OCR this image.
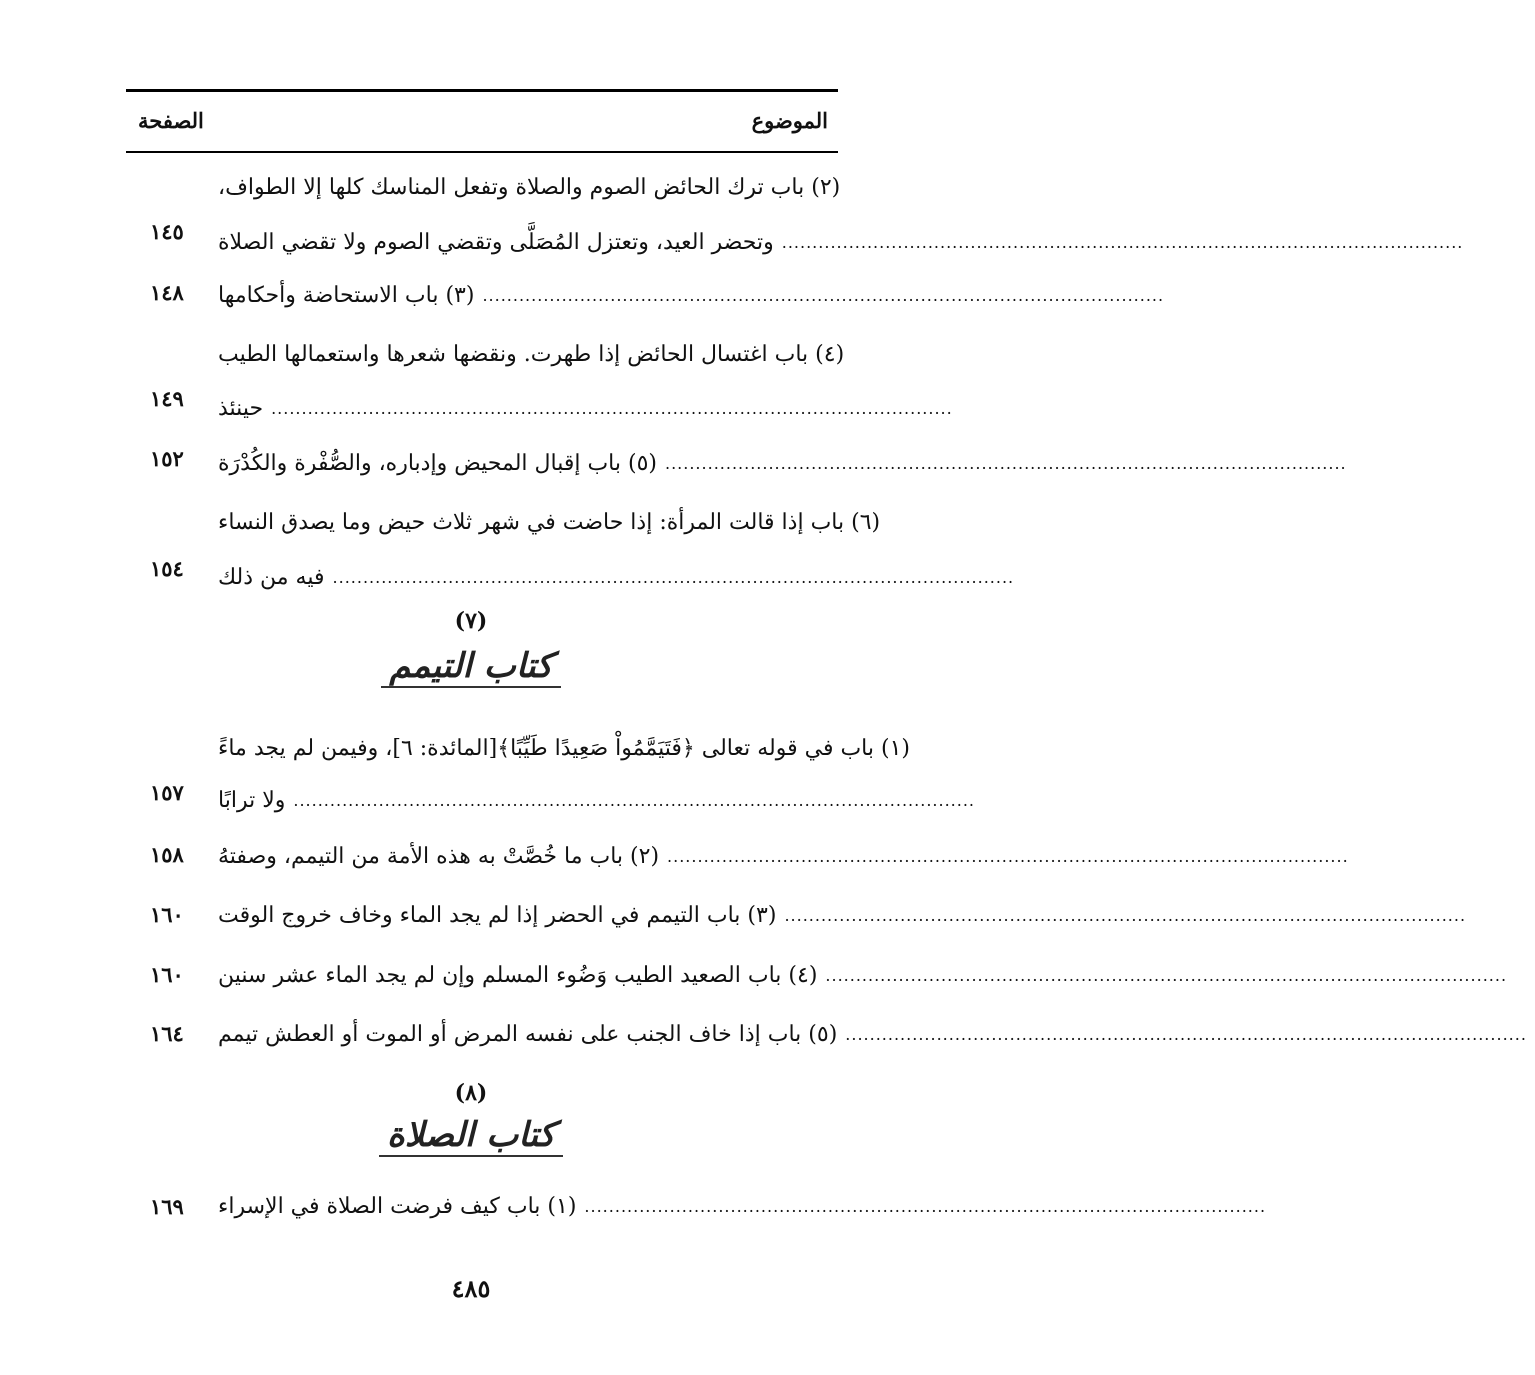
الموضوع
الصفحة
(٢) باب ترك الحائض الصوم والصلاة وتفعل المناسك كلها إلا الطواف،
وتحضر العيد، وتعتزل المُصَلَّى وتقضي الصوم ولا تقضي الصلاة ................................................................................................................
١٤٥
(٣) باب الاستحاضة وأحكامها ................................................................................................................
١٤٨
(٤) باب اغتسال الحائض إذا طهرت. ونقضها شعرها واستعمالها الطيب
حينئذ ................................................................................................................
١٤٩
(٥) باب إقبال المحيض وإدباره، والصُّفْرة والكُدْرَة ................................................................................................................
١٥٢
(٦) باب إذا قالت المرأة: إذا حاضت في شهر ثلاث حيض وما يصدق النساء
فيه من ذلك ................................................................................................................
١٥٤
(٧)
كتاب التيمم
(١) باب في قوله تعالى ﴿فَتَيَمَّمُواْ صَعِيدًا طَيِّبًا﴾[المائدة: ٦]، وفيمن لم يجد ماءً
ولا ترابًا ................................................................................................................
١٥٧
(٢) باب ما خُصَّتْ به هذه الأمة من التيمم، وصفتهُ ................................................................................................................
١٥٨
(٣) باب التيمم في الحضر إذا لم يجد الماء وخاف خروج الوقت ................................................................................................................
١٦٠
(٤) باب الصعيد الطيب وَضُوء المسلم وإن لم يجد الماء عشر سنين ................................................................................................................
١٦٠
(٥) باب إذا خاف الجنب على نفسه المرض أو الموت أو العطش تيمم ................................................................................................................
١٦٤
(٨)
كتاب الصلاة
(١) باب كيف فرضت الصلاة في الإسراء ................................................................................................................
١٦٩
٤٨٥
